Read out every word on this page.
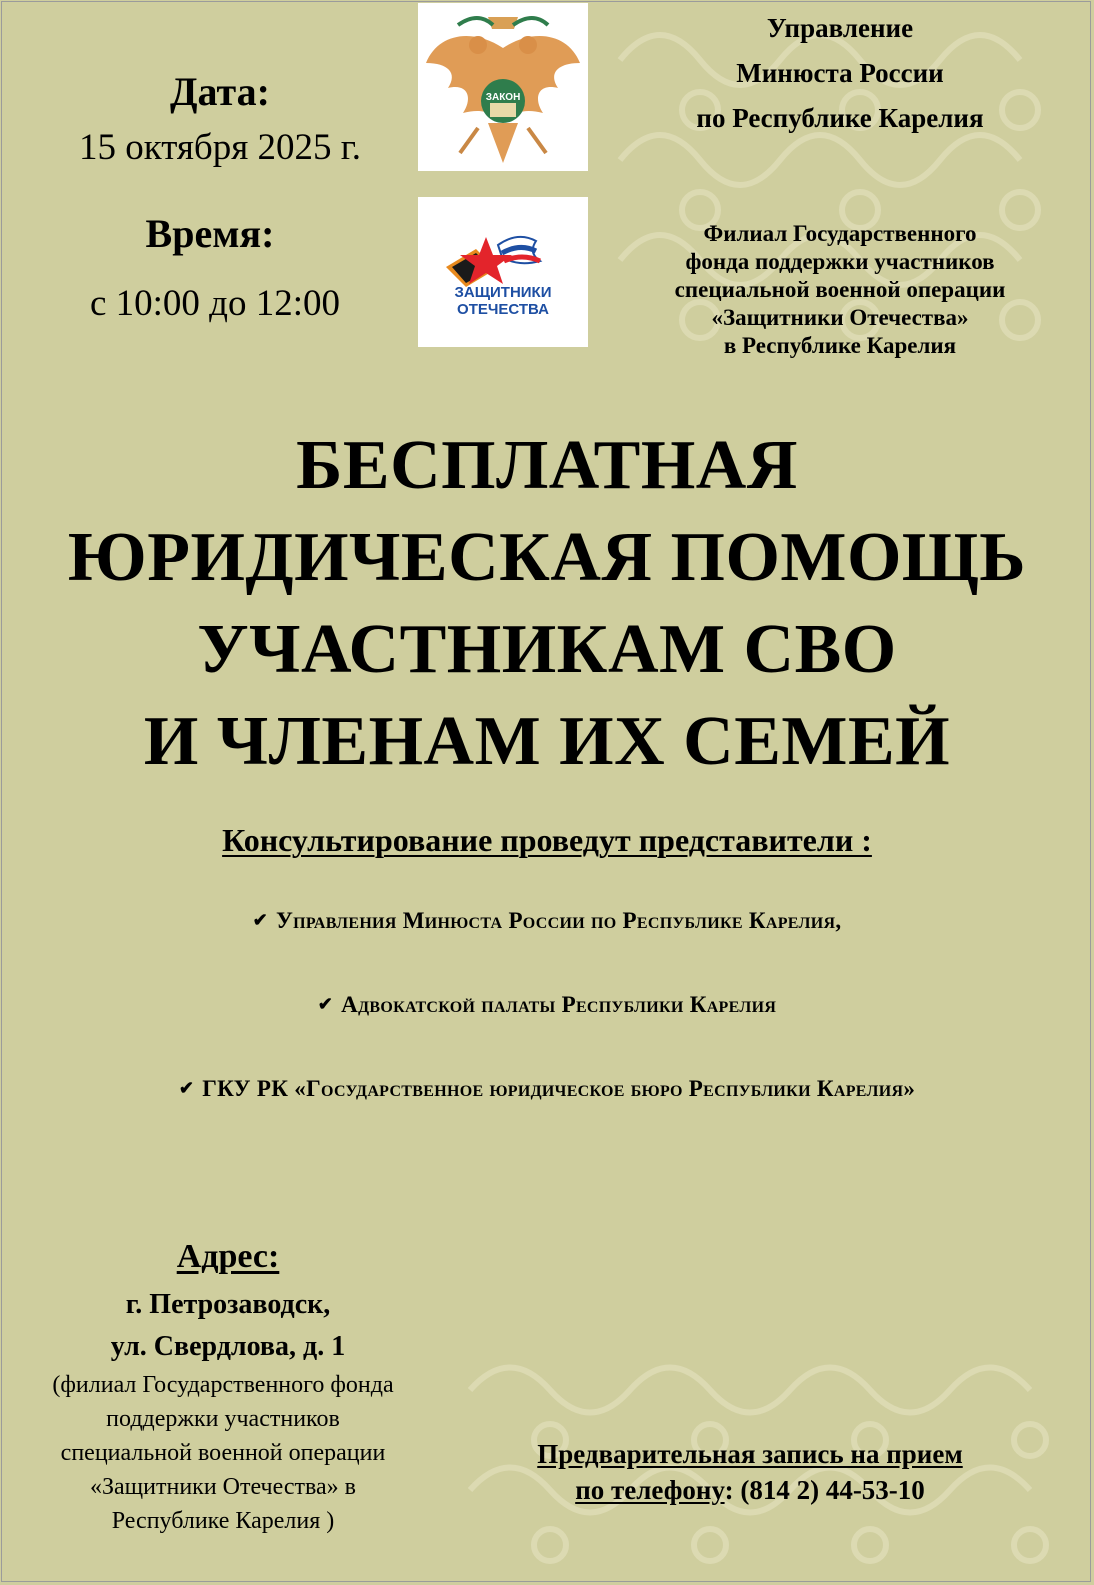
Дата:
15 октября 2025 г.
Время:
с 10:00 до 12:00
ЗАКОН
ЗАЩИТНИКИ
ОТЕЧЕСТВА
Управление
Минюста России
по Республике Карелия
Филиал Государственного
фонда поддержки участников
специальной военной операции
«Защитники Отечества»
в Республике Карелия
БЕСПЛАТНАЯ
ЮРИДИЧЕСКАЯ ПОМОЩЬ
УЧАСТНИКАМ СВО
И ЧЛЕНАМ ИХ СЕМЕЙ
Консультирование проведут представители :
✔ Управления Минюста России по Республике Карелия,
✔ Адвокатской палаты Республики Карелия
✔ ГКУ РК «Государственное юридическое бюро Республики Карелия»
Адрес:
г. Петрозаводск,
ул. Свердлова, д. 1
(филиал Государственного фонда
поддержки участников
специальной военной операции
«Защитники Отечества» в
Республике Карелия )
Предварительная запись на прием
по телефону: (814 2) 44-53-10
